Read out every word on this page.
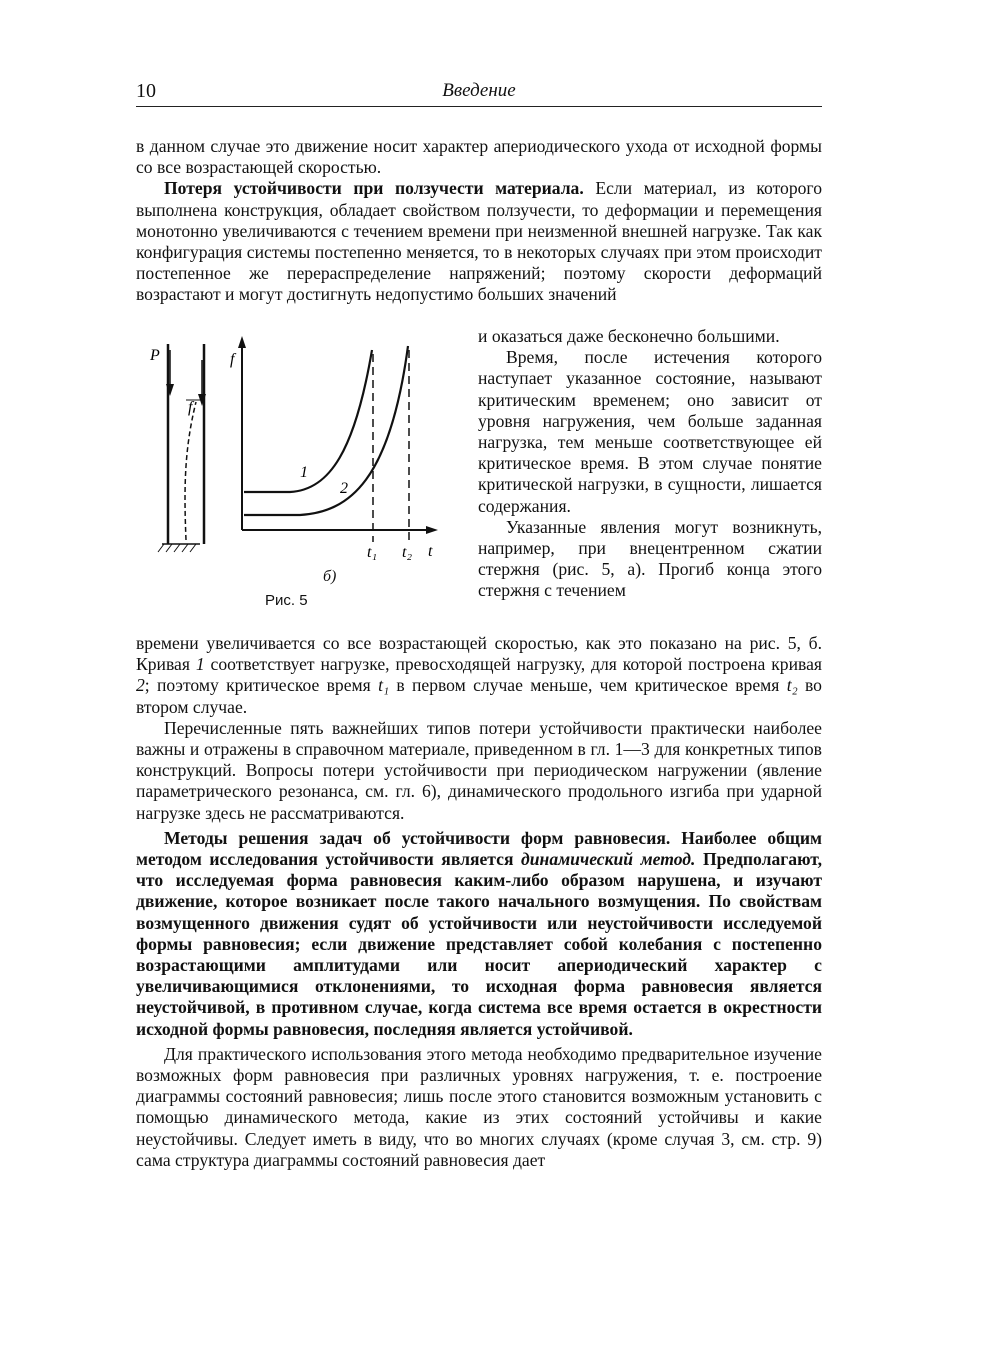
10	Введение

в данном случае это движение носит характер апериодического ухода от исходной формы со все возрастающей скоростью.

Потеря устойчивости при ползучести материала. Если материал, из которого выполнена конструкция, обладает свойством ползучести, то деформации и перемещения монотонно увеличиваются с течением времени при неизменной внешней нагрузке. Так как конфигурация системы постепенно меняется, то в некоторых случаях при этом происходит постепенное же перераспределение напряжений; поэтому скорости деформаций возрастают и могут достигнуть недопустимо больших значений

и оказаться даже бесконечно большими.

Время, после истечения которого наступает указанное состояние, называют критическим временем; оно зависит от уровня нагружения, чем больше заданная нагрузка, тем меньше соответствующее ей критическое время. В этом случае понятие критической нагрузки, в сущности, лишается содержания.

Указанные явления могут возникнуть, например, при внецентренном сжатии стержня (рис. 5, а). Прогиб конца этого стержня с течением

P
f
f
1
2
t₁ t₂ t
б)
Рис. 5

времени увеличивается со все возрастающей скоростью, как это показано на рис. 5, б. Кривая 1 соответствует нагрузке, превосходящей нагрузку, для которой построена кривая 2; поэтому критическое время t₁ в первом случае меньше, чем критическое время t₂ во втором случае.

Перечисленные пять важнейших типов потери устойчивости практически наиболее важны и отражены в справочном материале, приведенном в гл. 1—3 для конкретных типов конструкций. Вопросы потери устойчивости при периодическом нагружении (явление параметрического резонанса, см. гл. 6), динамического продольного изгиба при ударной нагрузке здесь не рассматриваются.

Методы решения задач об устойчивости форм равновесия. Наиболее общим методом исследования устойчивости является динамический метод. Предполагают, что исследуемая форма равновесия каким-либо образом нарушена, и изучают движение, которое возникает после такого начального возмущения. По свойствам возмущенного движения судят об устойчивости или неустойчивости исследуемой формы равновесия; если движение представляет собой колебания с постепенно возрастающими амплитудами или носит апериодический характер с увеличивающимися отклонениями, то исходная форма равновесия является неустойчивой, в противном случае, когда система все время остается в окрестности исходной формы равновесия, последняя является устойчивой.

Для практического использования этого метода необходимо предварительное изучение возможных форм равновесия при различных уровнях нагружения, т. е. построение диаграммы состояний равновесия; лишь после этого становится возможным установить с помощью динамического метода, какие из этих состояний устойчивы и какие неустойчивы. Следует иметь в виду, что во многих случаях (кроме случая 3, см. стр. 9) сама структура диаграммы состояний равновесия дает
